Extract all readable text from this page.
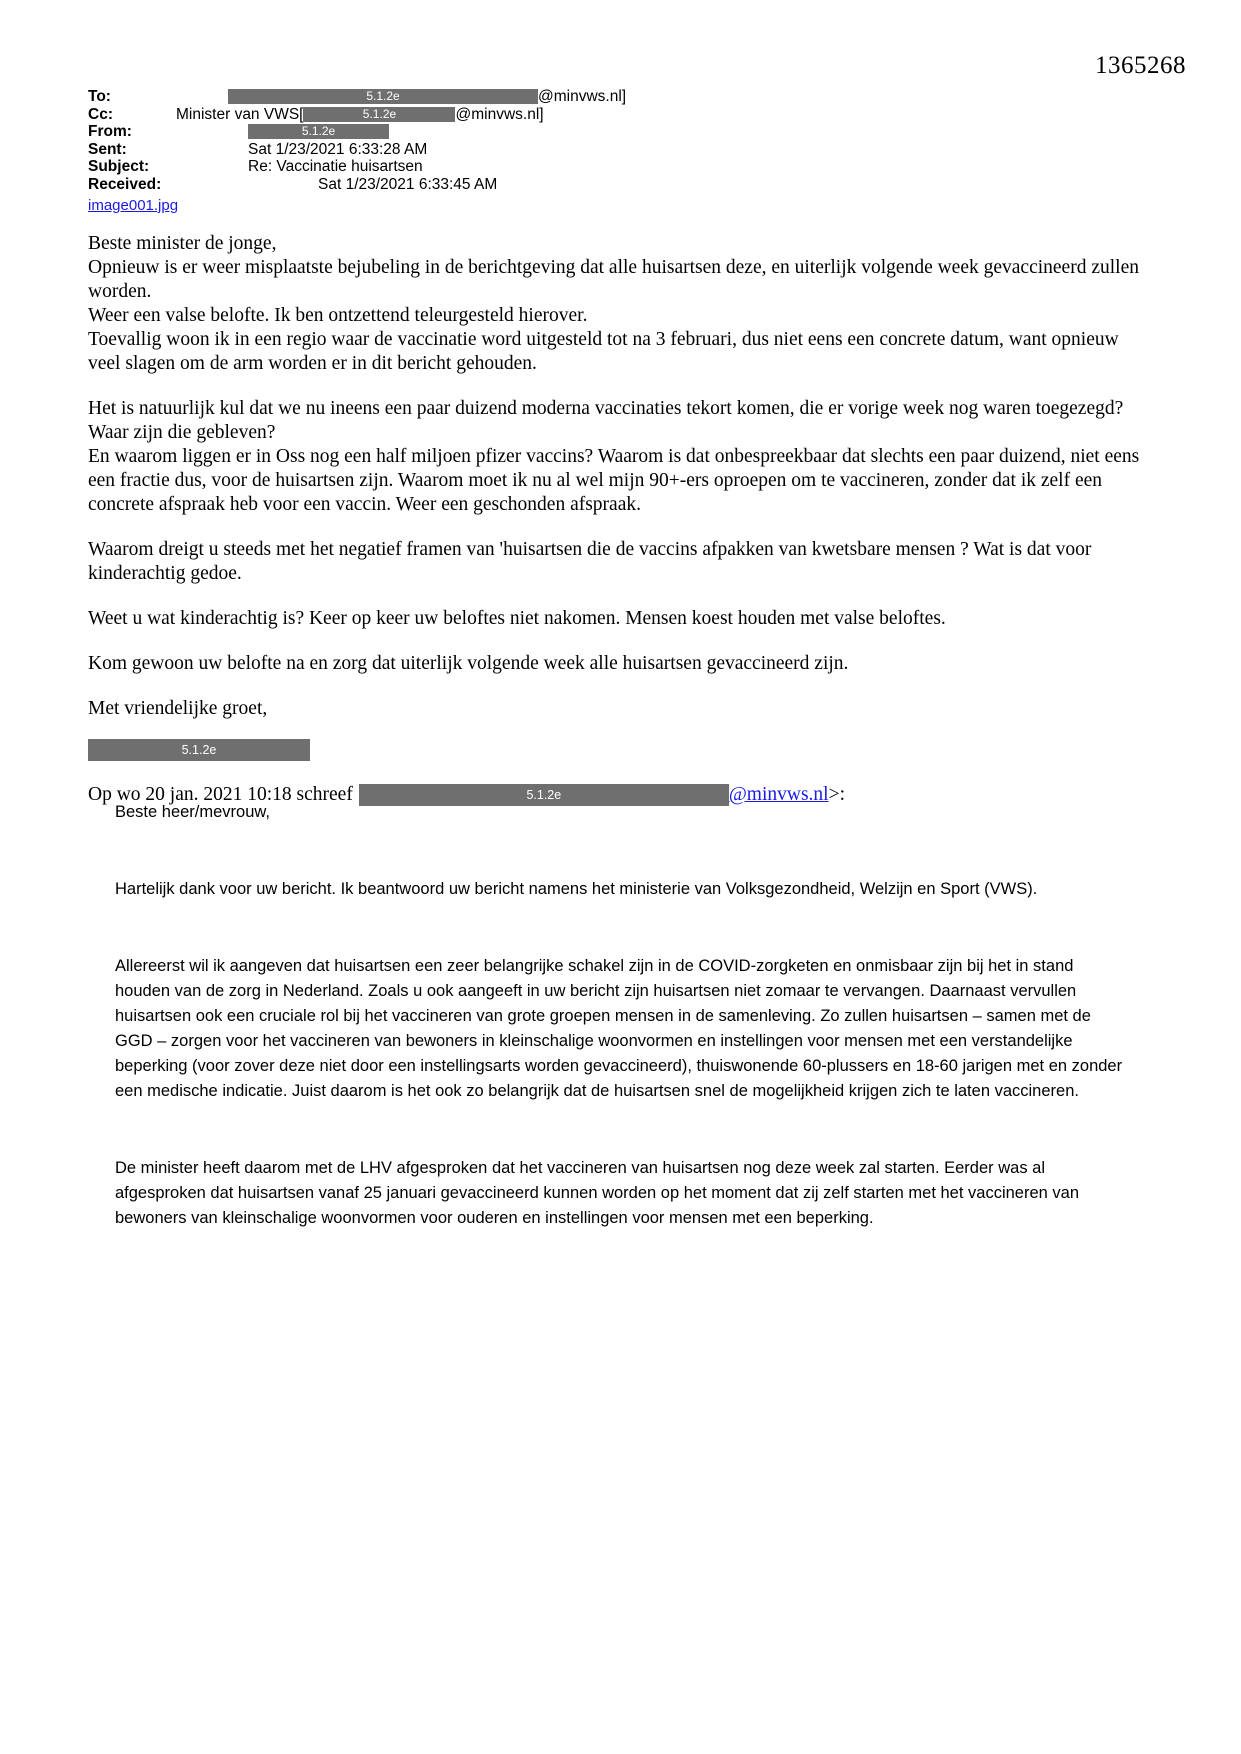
1365268
To:	5.1.2e	@minvws.nl]
Cc:	Minister van VWS[	5.1.2e	@minvws.nl]
From:	5.1.2e
Sent:	Sat 1/23/2021 6:33:28 AM
Subject:	Re: Vaccinatie huisartsen
Received:	Sat 1/23/2021 6:33:45 AM
image001.jpg

Beste minister de jonge,

Opnieuw is er weer misplaatste bejubeling in de berichtgeving dat alle huisartsen deze, en uiterlijk volgende week gevaccineerd zullen worden.

Weer een valse belofte. Ik ben ontzettend teleurgesteld hierover.

Toevallig woon ik in een regio waar de vaccinatie word uitgesteld tot na 3 februari, dus niet eens een concrete datum, want opnieuw veel slagen om de arm worden er in dit bericht gehouden.

Het is natuurlijk kul dat we nu ineens een paar duizend moderna vaccinaties tekort komen, die er vorige week nog waren toegezegd? Waar zijn die gebleven?

En waarom liggen er in Oss nog een half miljoen pfizer vaccins? Waarom is dat onbespreekbaar dat slechts een paar duizend, niet eens een fractie dus, voor de huisartsen zijn. Waarom moet ik nu al wel mijn 90+-ers oproepen om te vaccineren, zonder dat ik zelf een concrete afspraak heb voor een vaccin. Weer een geschonden afspraak.

Waarom dreigt u steeds met het negatief framen van 'huisartsen die de vaccins afpakken van kwetsbare mensen ? Wat is dat voor kinderachtig gedoe.

Weet u wat kinderachtig is? Keer op keer uw beloftes niet nakomen. Mensen koest houden met valse beloftes.

Kom gewoon uw belofte na en zorg dat uiterlijk volgende week alle huisartsen gevaccineerd zijn.

Met vriendelijke groet,

5.1.2e
Op wo 20 jan. 2021 10:18 schreef	5.1.2e	@minvws.nl >:

Beste heer/mevrouw,

Hartelijk dank voor uw bericht. Ik beantwoord uw bericht namens het ministerie van Volksgezondheid, Welzijn en Sport (VWS).

Allereerst wil ik aangeven dat huisartsen een zeer belangrijke schakel zijn in de COVID-zorgketen en onmisbaar zijn bij het in stand houden van de zorg in Nederland. Zoals u ook aangeeft in uw bericht zijn huisartsen niet zomaar te vervangen. Daarnaast vervullen huisartsen ook een cruciale rol bij het vaccineren van grote groepen mensen in de samenleving. Zo zullen huisartsen – samen met de GGD – zorgen voor het vaccineren van bewoners in kleinschalige woonvormen en instellingen voor mensen met een verstandelijke beperking (voor zover deze niet door een instellingsarts worden gevaccineerd), thuiswonende 60-plussers en 18-60 jarigen met en zonder een medische indicatie. Juist daarom is het ook zo belangrijk dat de huisartsen snel de mogelijkheid krijgen zich te laten vaccineren.

De minister heeft daarom met de LHV afgesproken dat het vaccineren van huisartsen nog deze week zal starten. Eerder was al afgesproken dat huisartsen vanaf 25 januari gevaccineerd kunnen worden op het moment dat zij zelf starten met het vaccineren van bewoners van kleinschalige woonvormen voor ouderen en instellingen voor mensen met een beperking.
